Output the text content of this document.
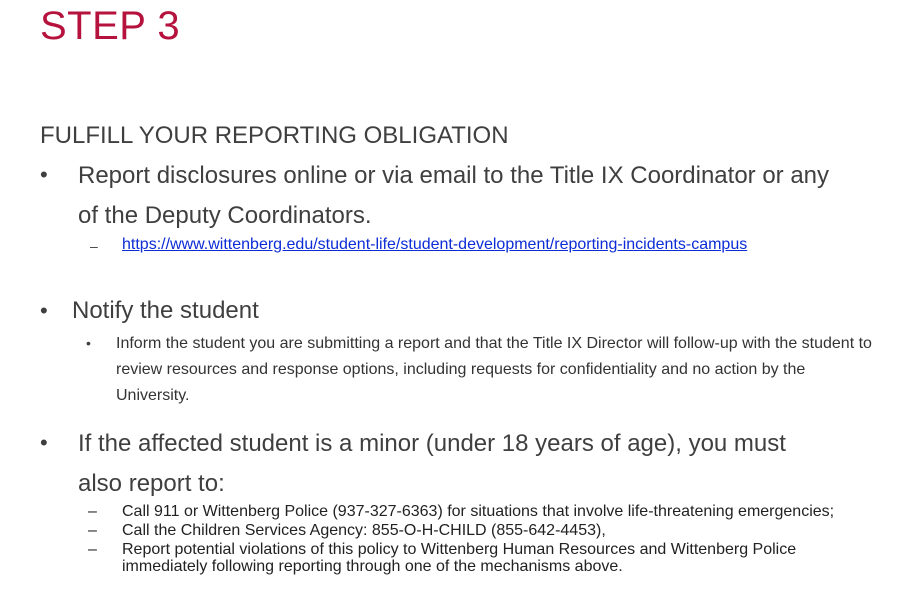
STEP 3
FULFILL YOUR REPORTING OBLIGATION
• Report disclosures online or via email to the Title IX Coordinator or any
of the Deputy Coordinators.
– https://www.wittenberg.edu/student-life/student-development/reporting-incidents-campus
• Notify the student
• Inform the student you are submitting a report and that the Title IX Director will follow-up with the student to review resources and response options, including requests for confidentiality and no action by the University.
• If the affected student is a minor (under 18 years of age), you must
also report to:
–	Call 911 or Wittenberg Police (937-327-6363) for situations that involve life-threatening emergencies;
–	Call the Children Services Agency: 855-O-H-CHILD (855-642-4453),
–	Report potential violations of this policy to Wittenberg Human Resources and Wittenberg Police immediately following reporting through one of the mechanisms above.
